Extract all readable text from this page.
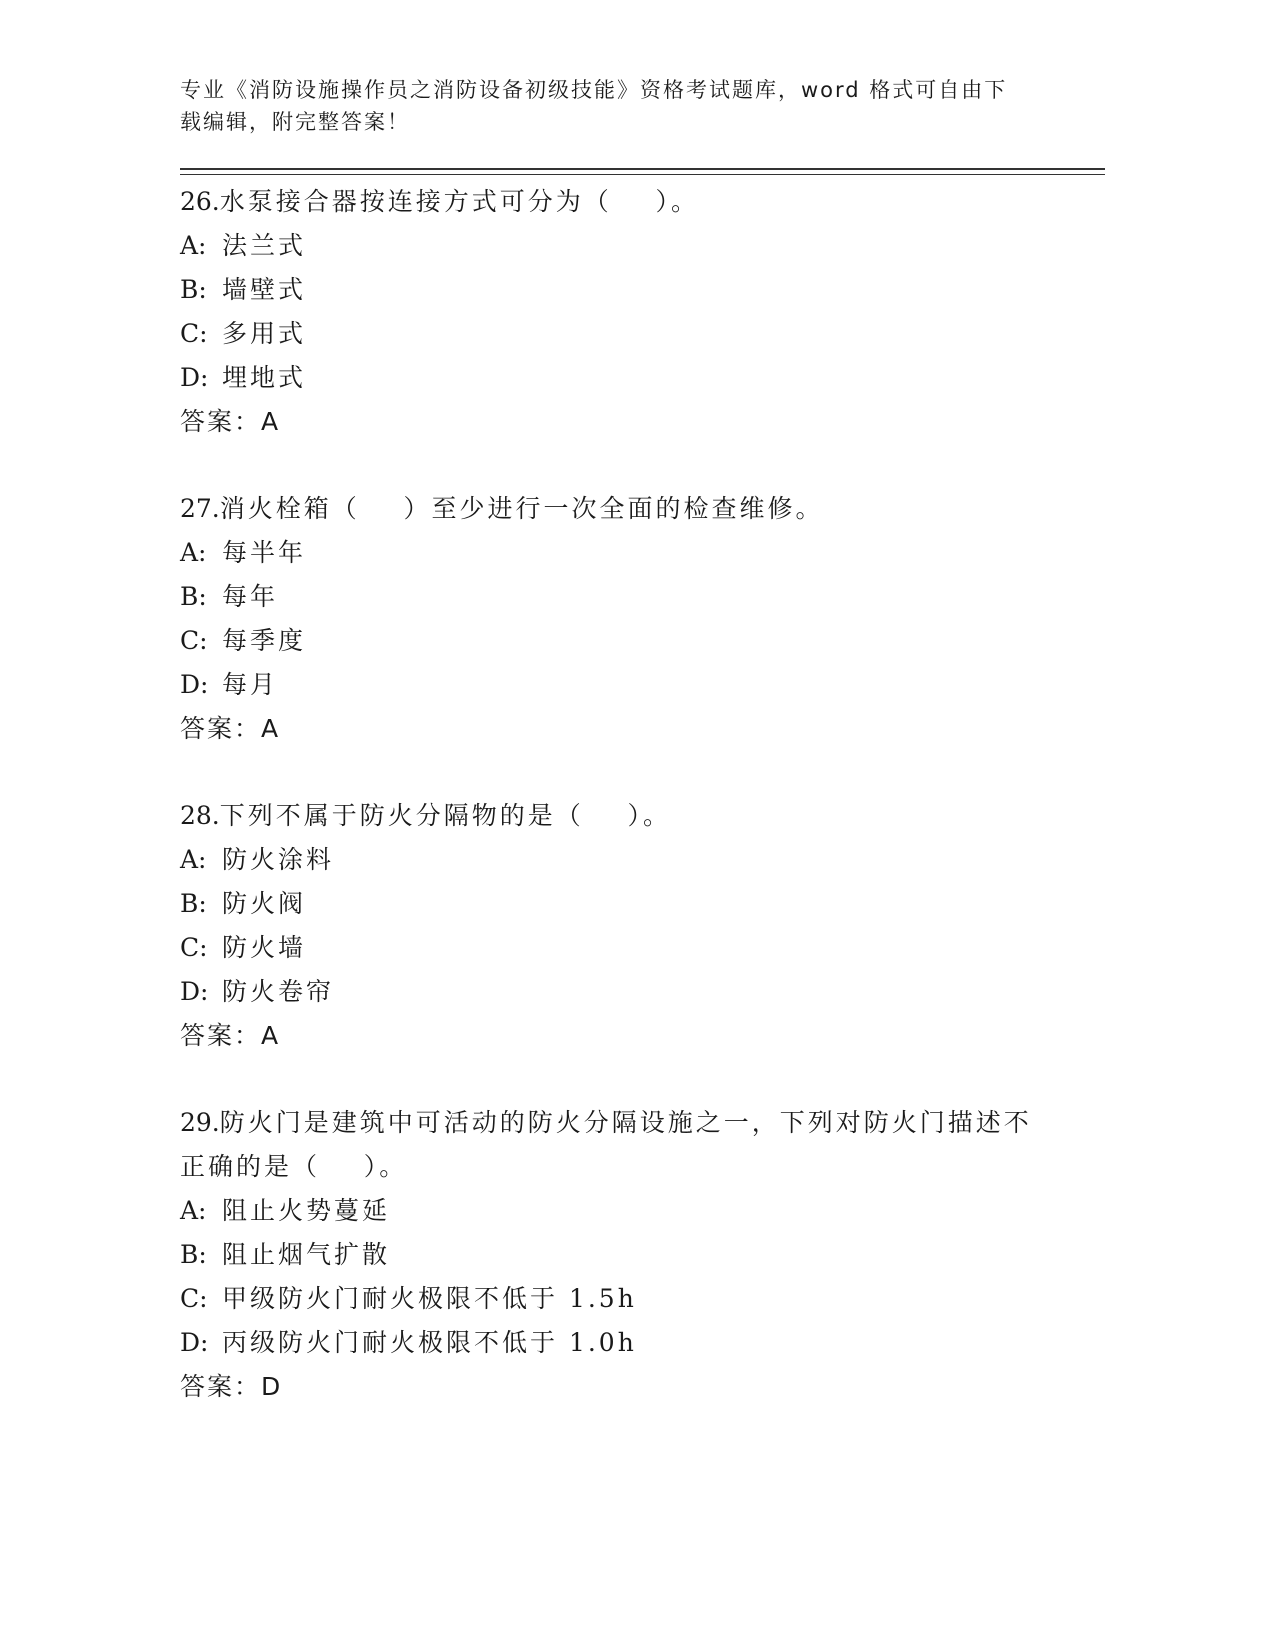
专业《消防设施操作员之消防设备初级技能》资格考试题库，word 格式可自由下
载编辑，附完整答案！
26.水泵接合器按连接方式可分为（    ）。
A: 法兰式
B: 墙壁式
C: 多用式
D: 埋地式
答案：A
27.消火栓箱（    ）至少进行一次全面的检查维修。
A: 每半年
B: 每年
C: 每季度
D: 每月
答案：A
28.下列不属于防火分隔物的是（    ）。
A: 防火涂料
B: 防火阀
C: 防火墙
D: 防火卷帘
答案：A
29.防火门是建筑中可活动的防火分隔设施之一，下列对防火门描述不
正确的是（    ）。
A: 阻止火势蔓延
B: 阻止烟气扩散
C: 甲级防火门耐火极限不低于 1.5h
D: 丙级防火门耐火极限不低于 1.0h
答案：D
